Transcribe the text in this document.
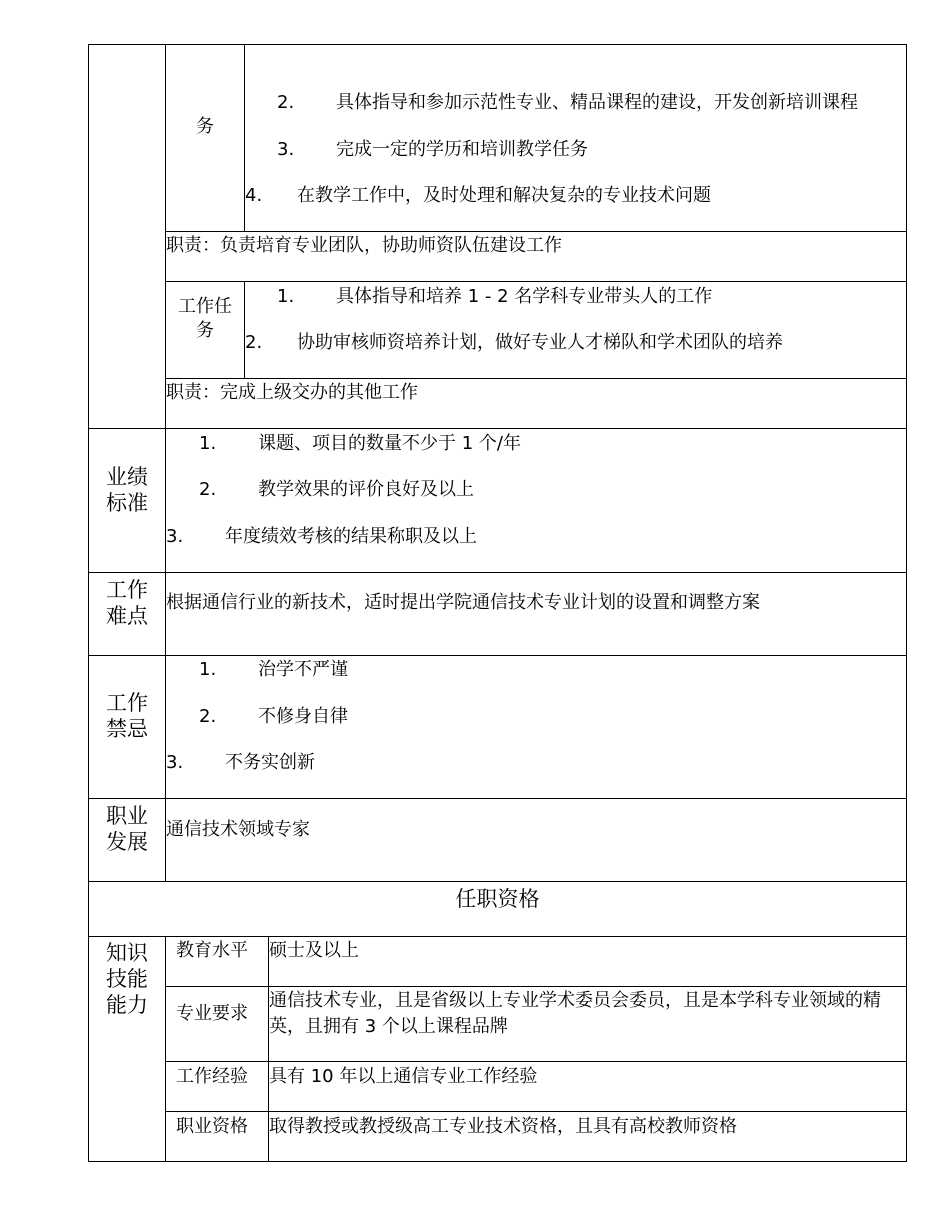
务
2. 具体指导和参加示范性专业、精品课程的建设，开发创新培训课程
3. 完成一定的学历和培训教学任务
4. 在教学工作中，及时处理和解决复杂的专业技术问题
职责：负责培育专业团队，协助师资队伍建设工作
工作任
务
1. 具体指导和培养 1 - 2 名学科专业带头人的工作
2. 协助审核师资培养计划，做好专业人才梯队和学术团队的培养
职责：完成上级交办的其他工作
业绩
标准
1. 课题、项目的数量不少于 1 个/年
2. 教学效果的评价良好及以上
3. 年度绩效考核的结果称职及以上
工作
难点
根据通信行业的新技术，适时提出学院通信技术专业计划的设置和调整方案
工作
禁忌
1. 治学不严谨
2. 不修身自律
3. 不务实创新
职业
发展
通信技术领域专家
任职资格
知识
技能
能力
教育水平 硕士及以上
专业要求
通信技术专业，且是省级以上专业学术委员会委员，且是本学科专业领域的精英，且拥有 3 个以上课程品牌
工作经验 具有 10 年以上通信专业工作经验
职业资格 取得教授或教授级高工专业技术资格，且具有高校教师资格
